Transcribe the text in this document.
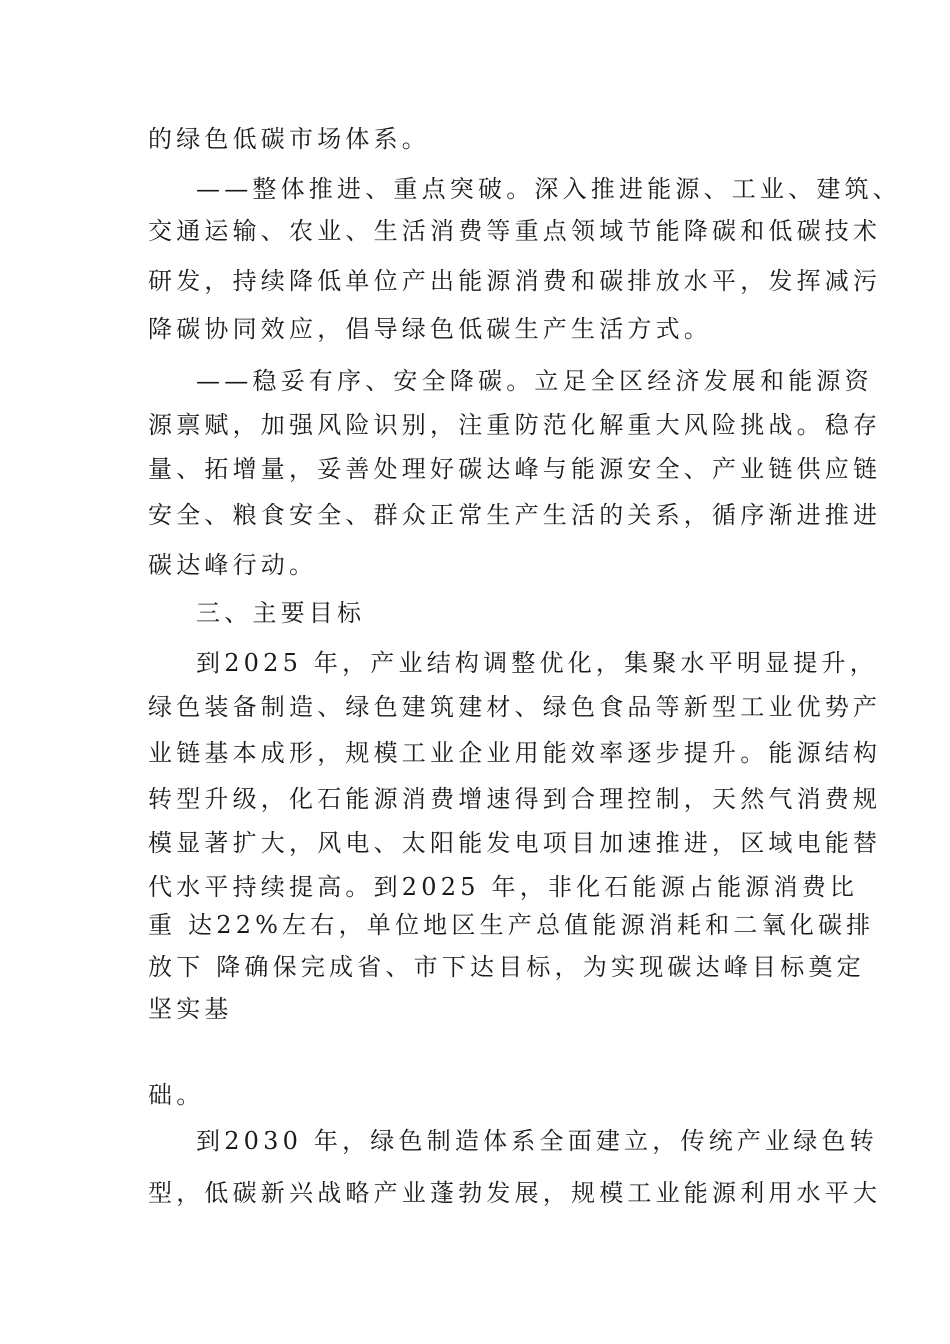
的绿色低碳市场体系。
——整体推进、重点突破。深入推进能源、工业、建筑、
交通运输、农业、生活消费等重点领域节能降碳和低碳技术
研发，持续降低单位产出能源消费和碳排放水平，发挥减污
降碳协同效应，倡导绿色低碳生产生活方式。
——稳妥有序、安全降碳。立足全区经济发展和能源资
源禀赋，加强风险识别，注重防范化解重大风险挑战。稳存
量、拓增量，妥善处理好碳达峰与能源安全、产业链供应链
安全、粮食安全、群众正常生产生活的关系，循序渐进推进
碳达峰行动。
三、主要目标
到2025 年，产业结构调整优化，集聚水平明显提升，
绿色装备制造、绿色建筑建材、绿色食品等新型工业优势产
业链基本成形，规模工业企业用能效率逐步提升。能源结构
转型升级，化石能源消费增速得到合理控制，天然气消费规
模显著扩大，风电、太阳能发电项目加速推进，区域电能替
代水平持续提高。到2025 年，非化石能源占能源消费比
重 达22%左右，单位地区生产总值能源消耗和二氧化碳排
放下 降确保完成省、市下达目标，为实现碳达峰目标奠定
坚实基
础。
到2030 年，绿色制造体系全面建立，传统产业绿色转
型，低碳新兴战略产业蓬勃发展，规模工业能源利用水平大
